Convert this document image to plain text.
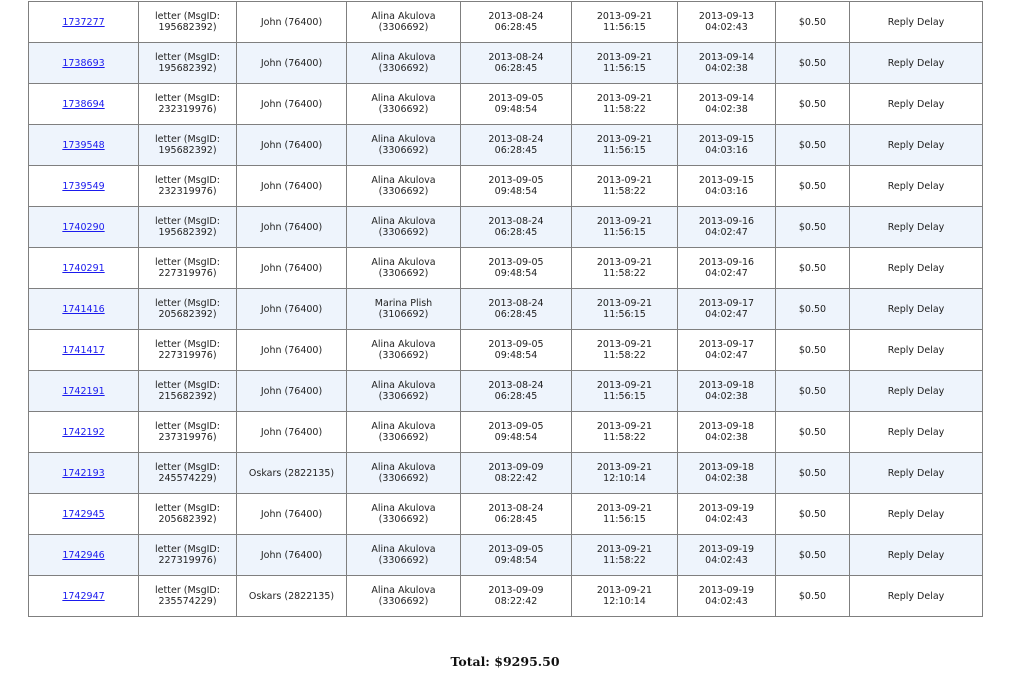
1737277	letter (MsgID:
195682392)	John (76400)	Alina Akulova
(3306692)	2013-08-24
06:28:45	2013-09-21
11:56:15	2013-09-13
04:02:43	$0.50	Reply Delay
1738693	letter (MsgID:
195682392)	John (76400)	Alina Akulova
(3306692)	2013-08-24
06:28:45	2013-09-21
11:56:15	2013-09-14
04:02:38	$0.50	Reply Delay
1738694	letter (MsgID:
232319976)	John (76400)	Alina Akulova
(3306692)	2013-09-05
09:48:54	2013-09-21
11:58:22	2013-09-14
04:02:38	$0.50	Reply Delay
1739548	letter (MsgID:
195682392)	John (76400)	Alina Akulova
(3306692)	2013-08-24
06:28:45	2013-09-21
11:56:15	2013-09-15
04:03:16	$0.50	Reply Delay
1739549	letter (MsgID:
232319976)	John (76400)	Alina Akulova
(3306692)	2013-09-05
09:48:54	2013-09-21
11:58:22	2013-09-15
04:03:16	$0.50	Reply Delay
1740290	letter (MsgID:
195682392)	John (76400)	Alina Akulova
(3306692)	2013-08-24
06:28:45	2013-09-21
11:56:15	2013-09-16
04:02:47	$0.50	Reply Delay
1740291	letter (MsgID:
227319976)	John (76400)	Alina Akulova
(3306692)	2013-09-05
09:48:54	2013-09-21
11:58:22	2013-09-16
04:02:47	$0.50	Reply Delay
1741416	letter (MsgID:
205682392)	John (76400)	Marina Plish
(3106692)	2013-08-24
06:28:45	2013-09-21
11:56:15	2013-09-17
04:02:47	$0.50	Reply Delay
1741417	letter (MsgID:
227319976)	John (76400)	Alina Akulova
(3306692)	2013-09-05
09:48:54	2013-09-21
11:58:22	2013-09-17
04:02:47	$0.50	Reply Delay
1742191	letter (MsgID:
215682392)	John (76400)	Alina Akulova
(3306692)	2013-08-24
06:28:45	2013-09-21
11:56:15	2013-09-18
04:02:38	$0.50	Reply Delay
1742192	letter (MsgID:
237319976)	John (76400)	Alina Akulova
(3306692)	2013-09-05
09:48:54	2013-09-21
11:58:22	2013-09-18
04:02:38	$0.50	Reply Delay
1742193	letter (MsgID:
245574229)	Oskars (2822135)	Alina Akulova
(3306692)	2013-09-09
08:22:42	2013-09-21
12:10:14	2013-09-18
04:02:38	$0.50	Reply Delay
1742945	letter (MsgID:
205682392)	John (76400)	Alina Akulova
(3306692)	2013-08-24
06:28:45	2013-09-21
11:56:15	2013-09-19
04:02:43	$0.50	Reply Delay
1742946	letter (MsgID:
227319976)	John (76400)	Alina Akulova
(3306692)	2013-09-05
09:48:54	2013-09-21
11:58:22	2013-09-19
04:02:43	$0.50	Reply Delay
1742947	letter (MsgID:
235574229)	Oskars (2822135)	Alina Akulova
(3306692)	2013-09-09
08:22:42	2013-09-21
12:10:14	2013-09-19
04:02:43	$0.50	Reply Delay
Total: $9295.50
